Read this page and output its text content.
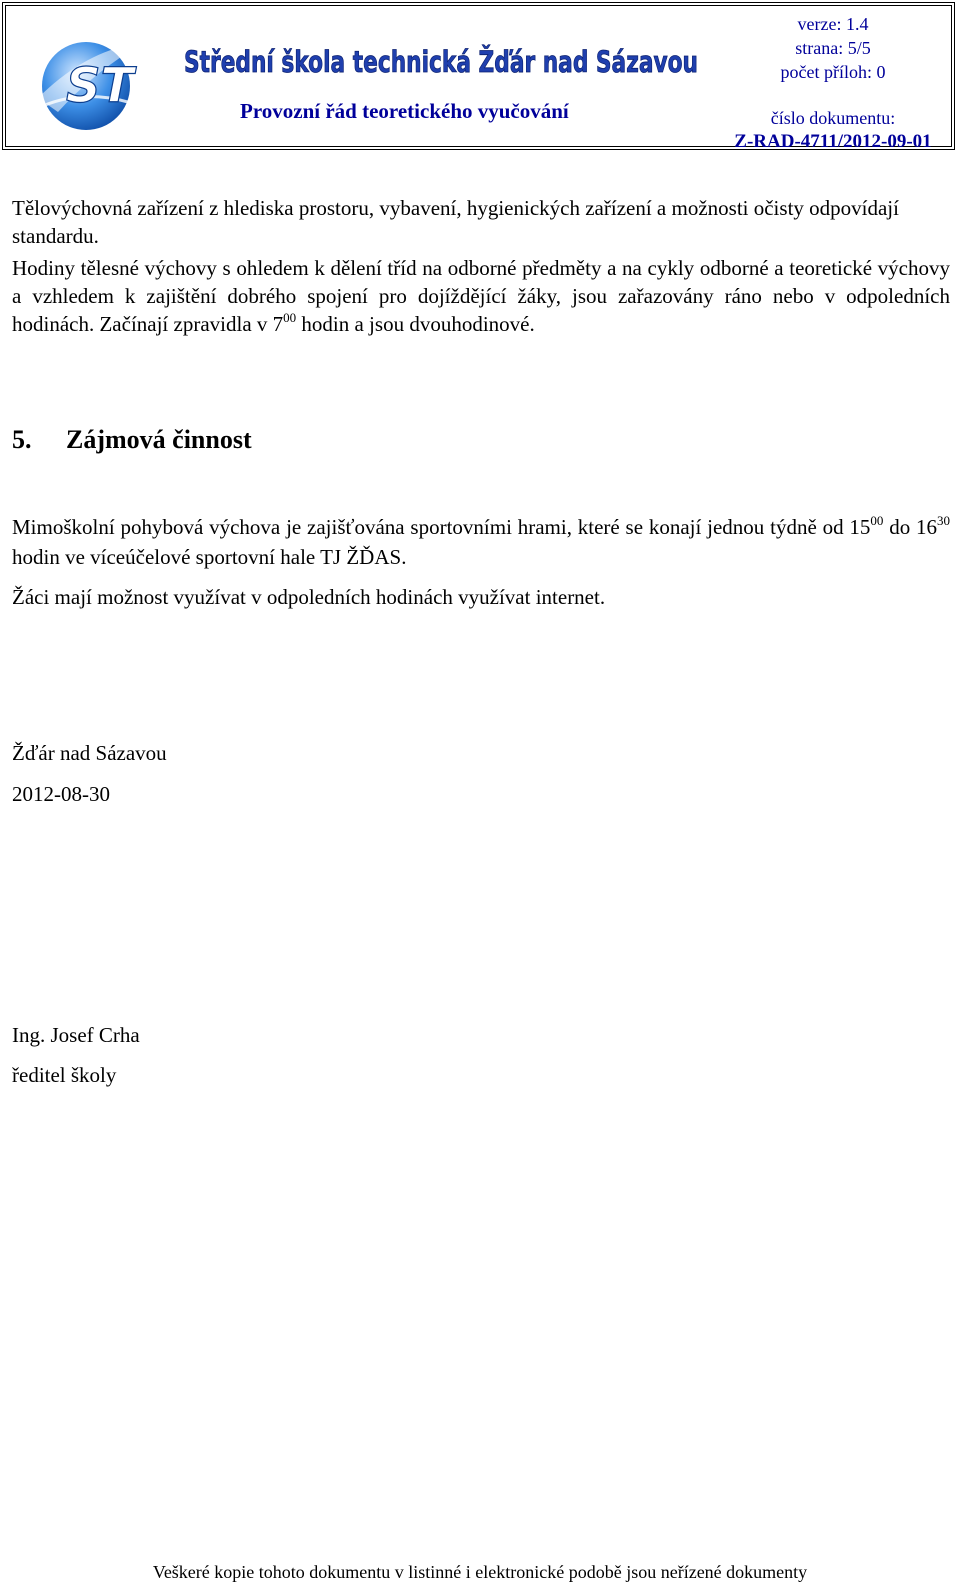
ST Střední škola technická Žďár nad Sázavou
Provozní řád teoretického vyučování
verze: 1.4
strana: 5/5
počet příloh: 0
číslo dokumentu:
Z-RAD-4711/2012-09-01

Tělovýchovná zařízení z hlediska prostoru, vybavení, hygienických zařízení a možnosti očisty odpovídají standardu.

Hodiny tělesné výchovy s ohledem k dělení tříd na odborné předměty a na cykly odborné a teoretické výchovy a vzhledem k zajištění dobrého spojení pro dojíždějící žáky, jsou zařazovány ráno nebo v odpoledních hodinách. Začínají zpravidla v $7^{00}$ hodin a jsou dvouhodinové.

5. Zájmová činnost

Mimoškolní pohybová výchova je zajišťována sportovními hrami, které se konají jednou týdně od $15^{00}$ do $16^{30}$ hodin ve víceúčelové sportovní hale TJ ŽĎAS.

Žáci mají možnost využívat v odpoledních hodinách využívat internet.

Žďár nad Sázavou
2012-08-30
Ing. Josef Crha
ředitel školy
Veškeré kopie tohoto dokumentu v listinné i elektronické podobě jsou neřízené dokumenty
